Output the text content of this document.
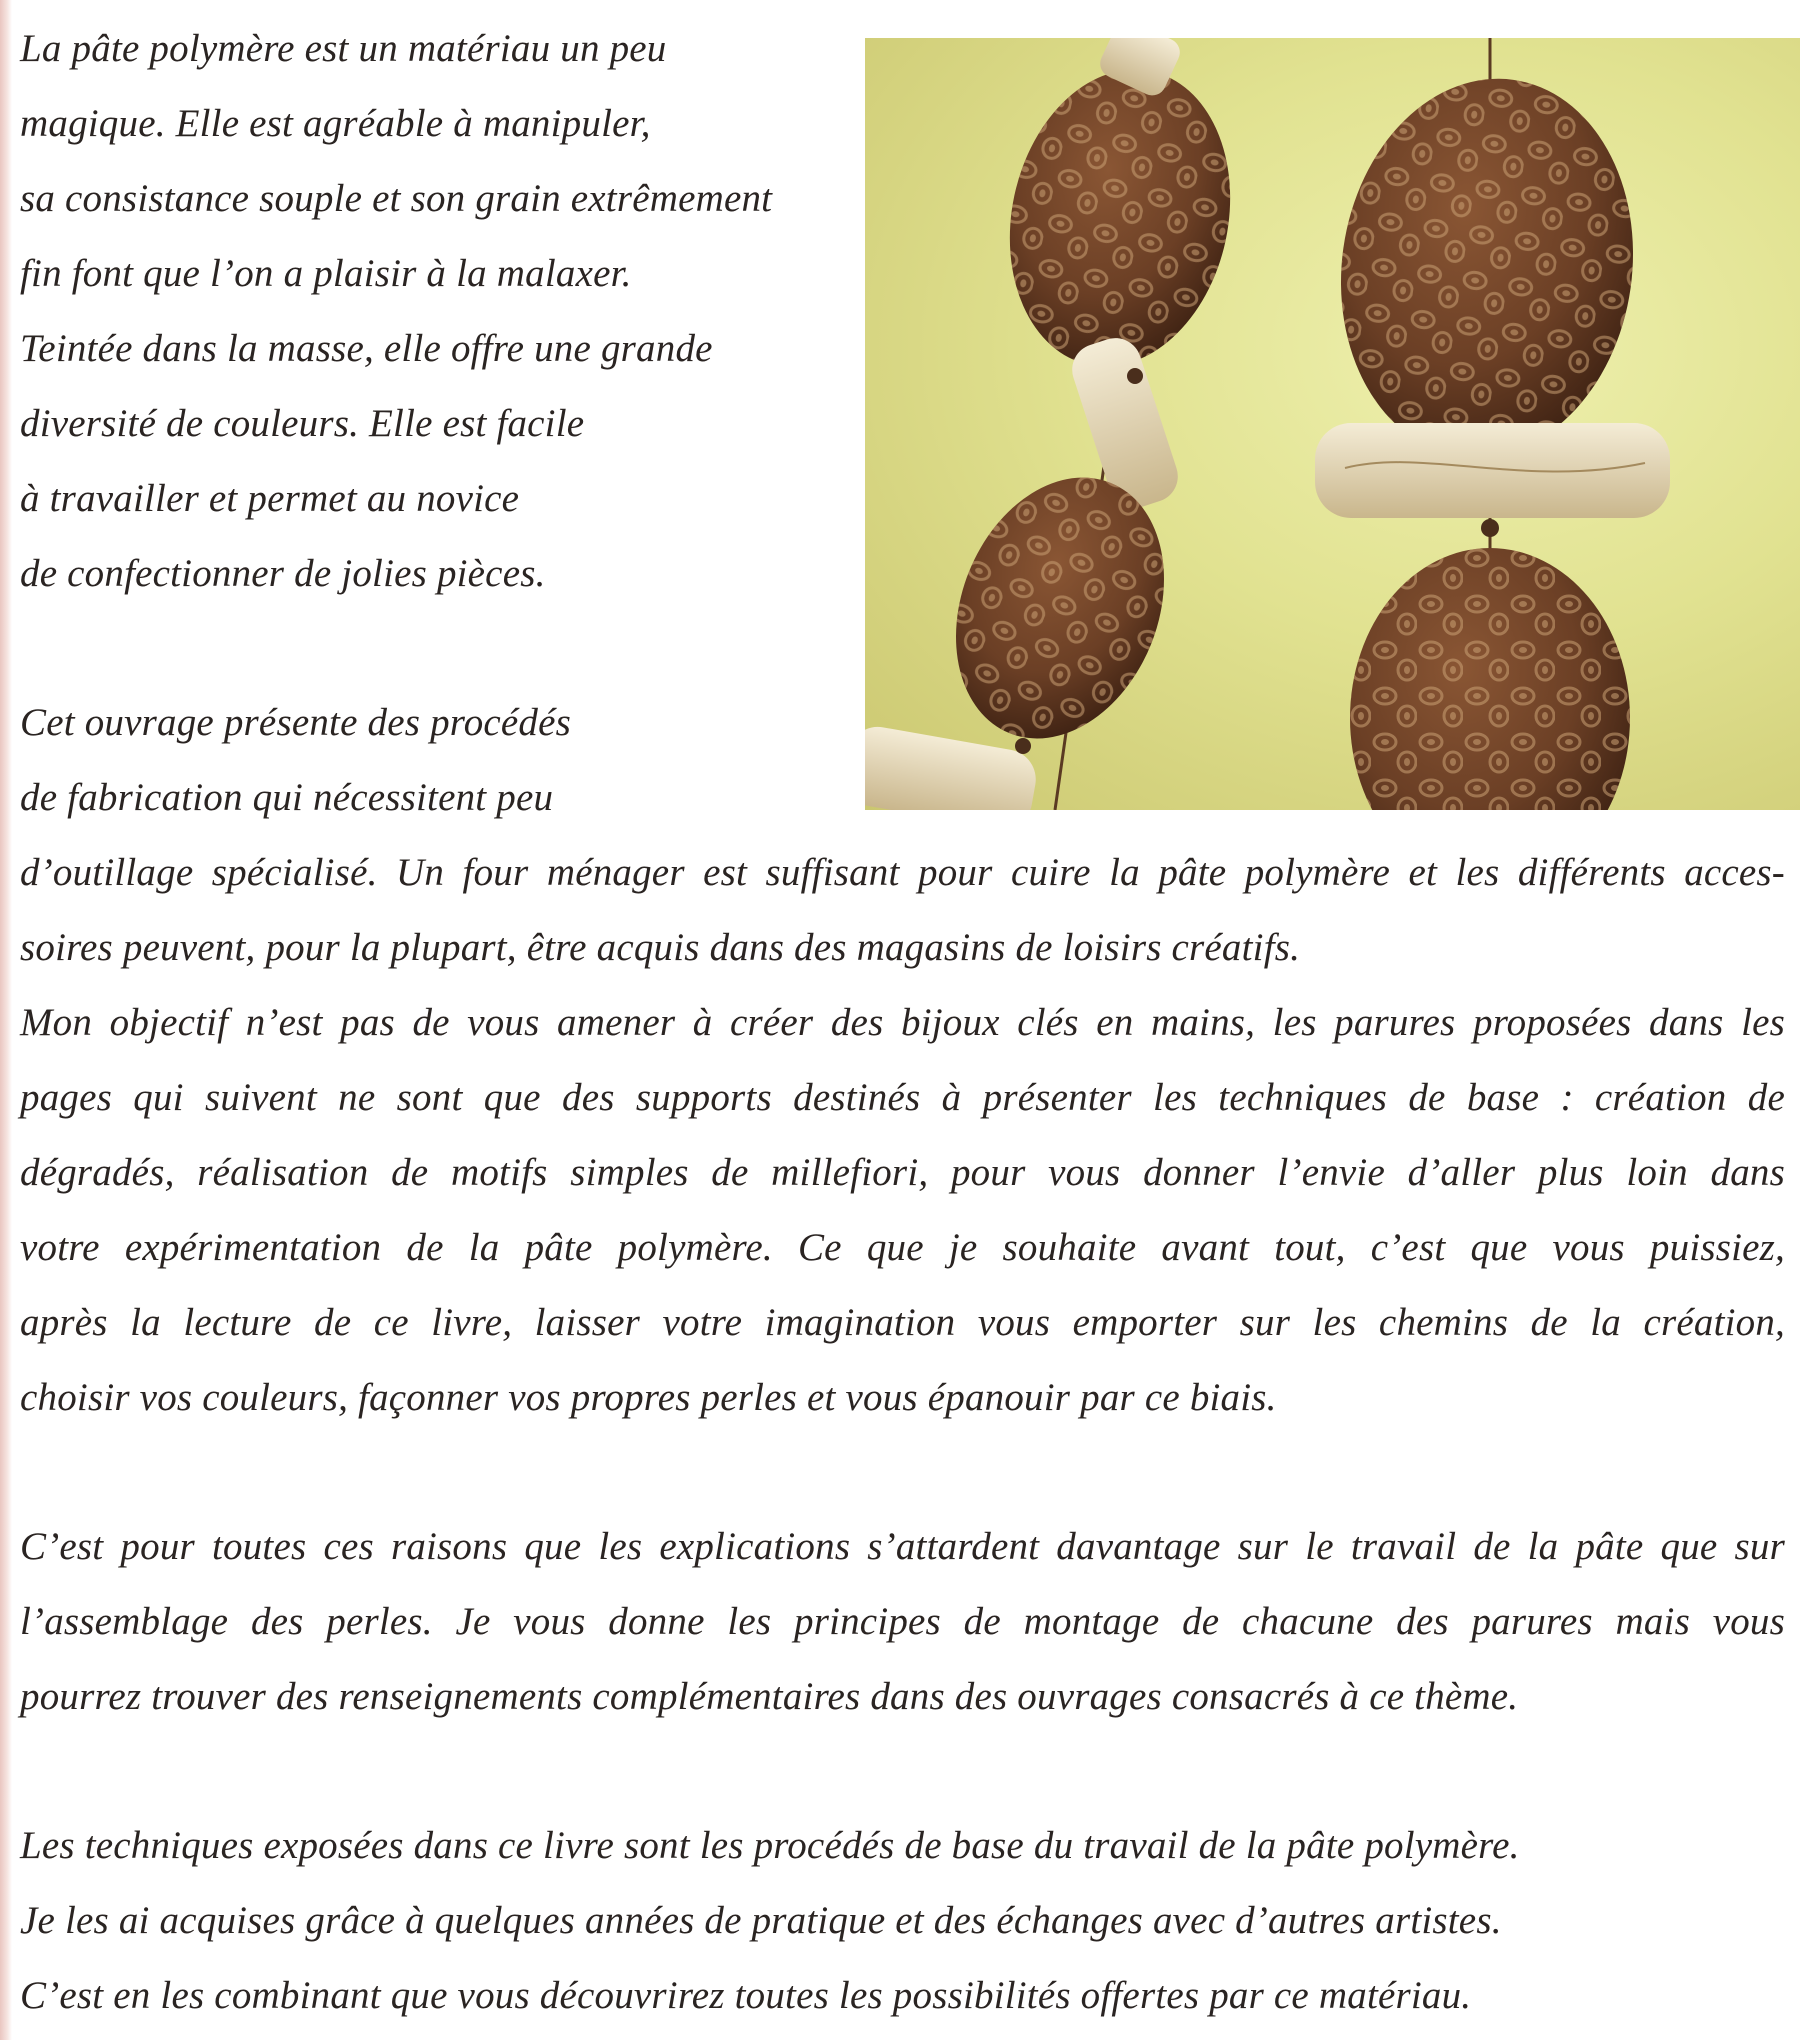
La pâte polymère est un matériau un peu
magique. Elle est agréable à manipuler,
sa consistance souple et son grain extrêmement
fin font que l’on a plaisir à la malaxer.
Teintée dans la masse, elle offre une grande
diversité de couleurs. Elle est facile
à travailler et permet au novice
de confectionner de jolies pièces.
Cet ouvrage présente des procédés
de fabrication qui nécessitent peu
d’outillage spécialisé. Un four ménager est suffisant pour cuire la pâte polymère et les différents acces-
soires peuvent, pour la plupart, être acquis dans des magasins de loisirs créatifs.
Mon objectif n’est pas de vous amener à créer des bijoux clés en mains, les parures proposées dans les
pages qui suivent ne sont que des supports destinés à présenter les techniques de base : création de
dégradés, réalisation de motifs simples de millefiori, pour vous donner l’envie d’aller plus loin dans
votre expérimentation de la pâte polymère. Ce que je souhaite avant tout, c’est que vous puissiez,
après la lecture de ce livre, laisser votre imagination vous emporter sur les chemins de la création,
choisir vos couleurs, façonner vos propres perles et vous épanouir par ce biais.
C’est pour toutes ces raisons que les explications s’attardent davantage sur le travail de la pâte que sur
l’assemblage des perles. Je vous donne les principes de montage de chacune des parures mais vous
pourrez trouver des renseignements complémentaires dans des ouvrages consacrés à ce thème.
Les techniques exposées dans ce livre sont les procédés de base du travail de la pâte polymère.
Je les ai acquises grâce à quelques années de pratique et des échanges avec d’autres artistes.
C’est en les combinant que vous découvrirez toutes les possibilités offertes par ce matériau.
